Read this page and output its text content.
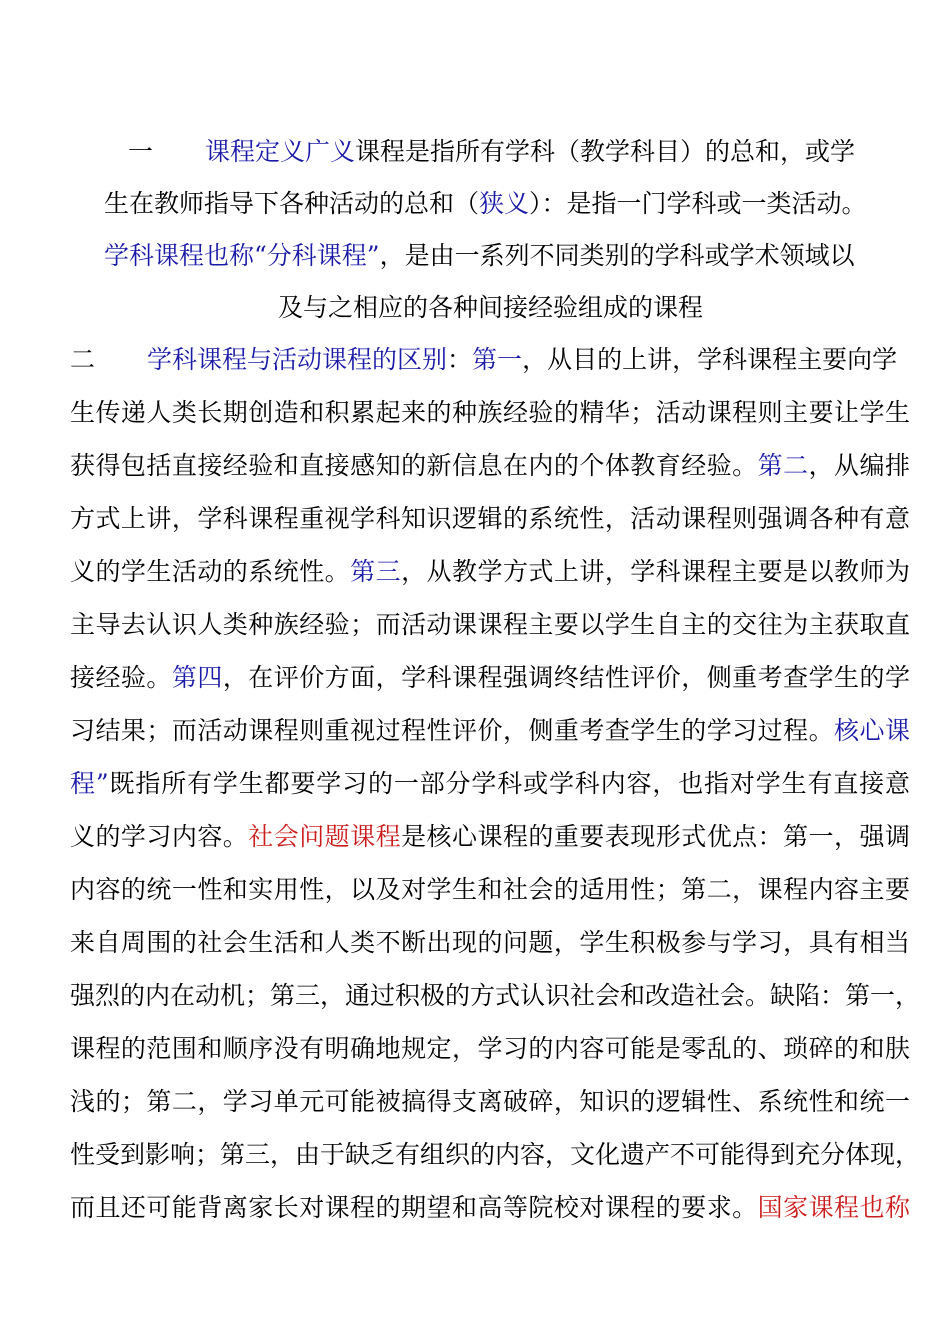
一 课程定义广义课程是指所有学科（教学科目）的总和，或学
生在教师指导下各种活动的总和（狭义）：是指一门学科或一类活动。
学科课程也称“分科课程”，是由一系列不同类别的学科或学术领域以
及与之相应的各种间接经验组成的课程
二 学科课程与活动课程的区别：第一，从目的上讲，学科课程主要向学
生传递人类长期创造和积累起来的种族经验的精华；活动课程则主要让学生
获得包括直接经验和直接感知的新信息在内的个体教育经验。第二，从编排
方式上讲，学科课程重视学科知识逻辑的系统性，活动课程则强调各种有意
义的学生活动的系统性。第三，从教学方式上讲，学科课程主要是以教师为
主导去认识人类种族经验；而活动课课程主要以学生自主的交往为主获取直
接经验。第四，在评价方面，学科课程强调终结性评价，侧重考查学生的学
习结果；而活动课程则重视过程性评价，侧重考查学生的学习过程。核心课
程”既指所有学生都要学习的一部分学科或学科内容，也指对学生有直接意
义的学习内容。社会问题课程是核心课程的重要表现形式优点：第一，强调
内容的统一性和实用性，以及对学生和社会的适用性；第二，课程内容主要
来自周围的社会生活和人类不断出现的问题，学生积极参与学习，具有相当
强烈的内在动机；第三，通过积极的方式认识社会和改造社会。缺陷：第一，
课程的范围和顺序没有明确地规定，学习的内容可能是零乱的、琐碎的和肤
浅的；第二，学习单元可能被搞得支离破碎，知识的逻辑性、系统性和统一
性受到影响；第三，由于缺乏有组织的内容，文化遗产不可能得到充分体现，
而且还可能背离家长对课程的期望和高等院校对课程的要求。国家课程也称
